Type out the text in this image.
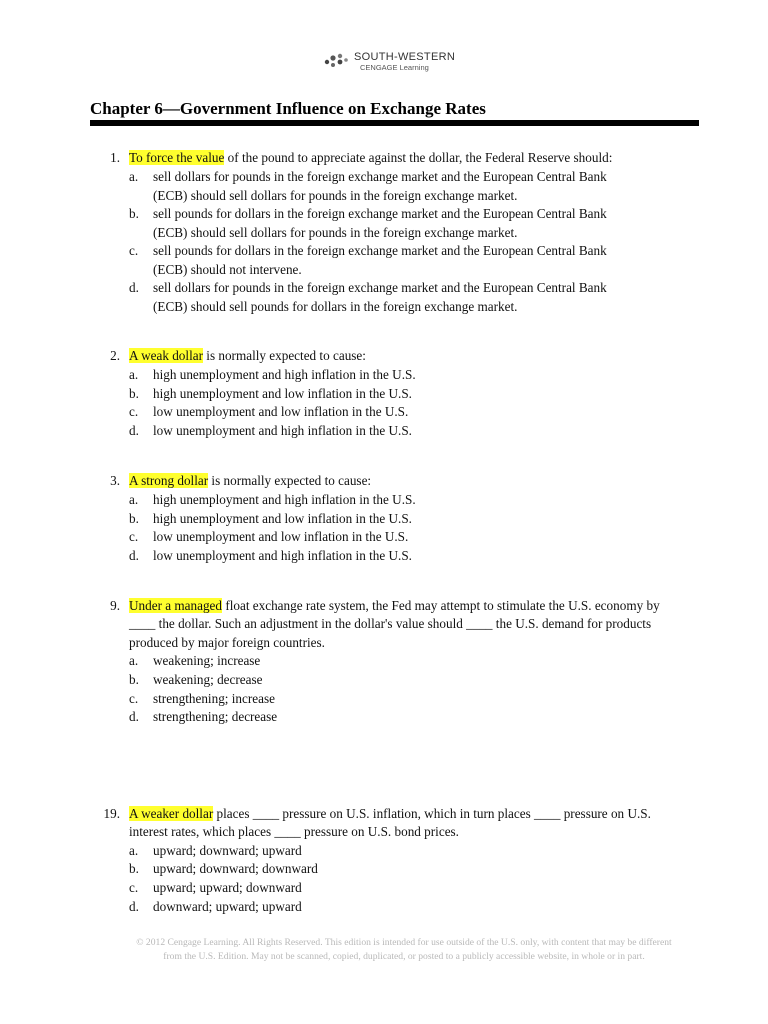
SOUTH-WESTERN
CENGAGE Learning
Chapter 6—Government Influence on Exchange Rates
1. To force the value of the pound to appreciate against the dollar, the Federal Reserve should:
a. sell dollars for pounds in the foreign exchange market and the European Central Bank
(ECB) should sell dollars for pounds in the foreign exchange market.
b. sell pounds for dollars in the foreign exchange market and the European Central Bank
(ECB) should sell dollars for pounds in the foreign exchange market.
c. sell pounds for dollars in the foreign exchange market and the European Central Bank
(ECB) should not intervene.
d. sell dollars for pounds in the foreign exchange market and the European Central Bank
(ECB) should sell pounds for dollars in the foreign exchange market.
2. A weak dollar is normally expected to cause:
a. high unemployment and high inflation in the U.S.
b. high unemployment and low inflation in the U.S.
c. low unemployment and low inflation in the U.S.
d. low unemployment and high inflation in the U.S.
3. A strong dollar is normally expected to cause:
a. high unemployment and high inflation in the U.S.
b. high unemployment and low inflation in the U.S.
c. low unemployment and low inflation in the U.S.
d. low unemployment and high inflation in the U.S.
9. Under a managed float exchange rate system, the Fed may attempt to stimulate the U.S. economy by
____ the dollar. Such an adjustment in the dollar's value should ____ the U.S. demand for products
produced by major foreign countries.
a. weakening; increase
b. weakening; decrease
c. strengthening; increase
d. strengthening; decrease
19. A weaker dollar places ____ pressure on U.S. inflation, which in turn places ____ pressure on U.S.
interest rates, which places ____ pressure on U.S. bond prices.
a. upward; downward; upward
b. upward; downward; downward
c. upward; upward; downward
d. downward; upward; upward
© 2012 Cengage Learning. All Rights Reserved. This edition is intended for use outside of the U.S. only, with content that may be different
from the U.S. Edition. May not be scanned, copied, duplicated, or posted to a publicly accessible website, in whole or in part.
